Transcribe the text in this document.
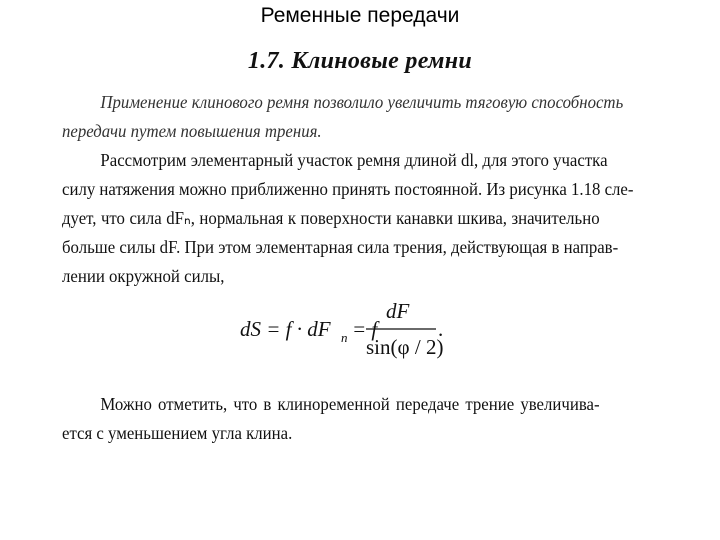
Ременные передачи
1.7. Клиновые ремни
Применение клинового ремня позволило увеличить тяговую способность
передачи путем повышения трения.
Рассмотрим элементарный участок ремня длиной dl, для этого участка
силу натяжения можно приближенно принять постоянной. Из рисунка 1.18 сле-
дует, что сила dFₙ, нормальная к поверхности канавки шкива, значительно
больше силы dF. При этом элементарная сила трения, действующая в направ-
лении окружной силы,
dS = f · dF n = f
dF
sin(φ / 2)
.
Можно отметить, что в клиноременной передаче трение увеличива-
ется с уменьшением угла клина.
